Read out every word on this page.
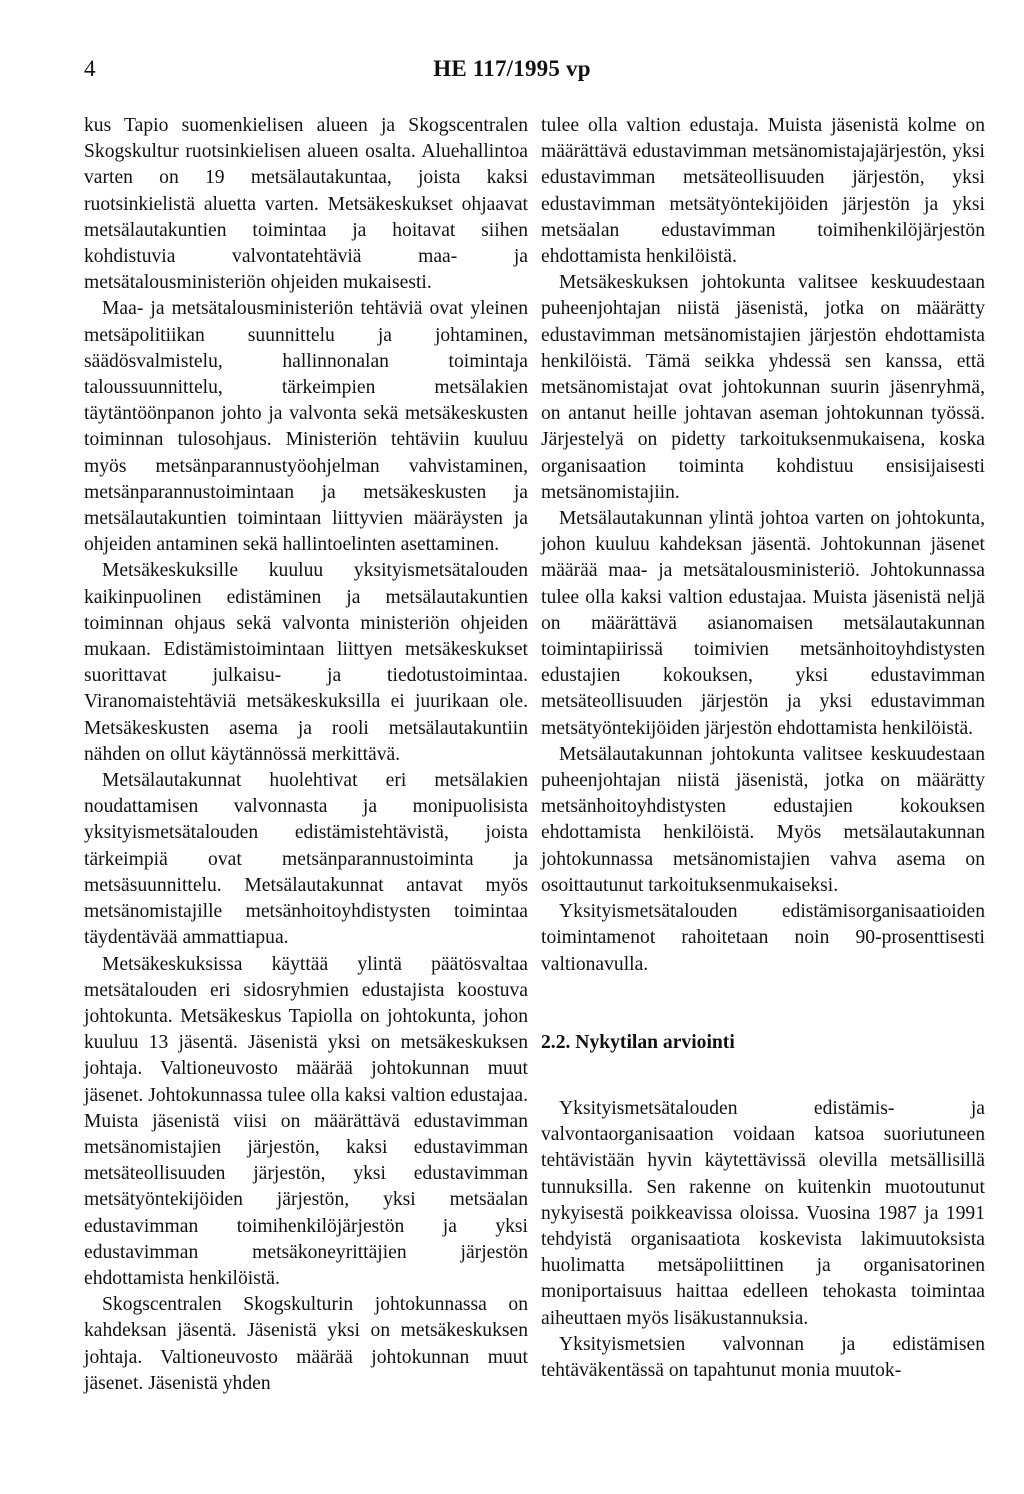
4	HE 117/1995 vp

kus Tapio suomenkielisen alueen ja Skogscentralen Skogskultur ruotsinkielisen alueen osalta. Aluehallintoa varten on 19 metsälautakuntaa, joista kaksi ruotsinkielistä aluetta varten. Metsäkeskukset ohjaavat metsälautakuntien toimintaa ja hoitavat siihen kohdistuvia valvontatehtäviä maa- ja metsätalousministeriön ohjeiden mukaisesti.

Maa- ja metsätalousministeriön tehtäviä ovat yleinen metsäpolitiikan suunnittelu ja johtaminen, säädösvalmistelu, hallinnonalan toimintaja taloussuunnittelu, tärkeimpien metsälakien täytäntöönpanon johto ja valvonta sekä metsäkeskusten toiminnan tulosohjaus. Ministeriön tehtäviin kuuluu myös metsänparannustyöohjelman vahvistaminen, metsänparannustoimintaan ja metsäkeskusten ja metsälautakuntien toimintaan liittyvien määräysten ja ohjeiden antaminen sekä hallintoelinten asettaminen.

Metsäkeskuksille kuuluu yksityismetsätalouden kaikinpuolinen edistäminen ja metsälautakuntien toiminnan ohjaus sekä valvonta ministeriön ohjeiden mukaan. Edistämistoimintaan liittyen metsäkeskukset suorittavat julkaisu- ja tiedotustoimintaa. Viranomaistehtäviä metsäkeskuksilla ei juurikaan ole. Metsäkeskusten asema ja rooli metsälautakuntiin nähden on ollut käytännössä merkittävä.

Metsälautakunnat huolehtivat eri metsälakien noudattamisen valvonnasta ja monipuolisista yksityismetsätalouden edistämistehtävistä, joista tärkeimpiä ovat metsänparannustoiminta ja metsäsuunnittelu. Metsälautakunnat antavat myös metsänomistajille metsänhoitoyhdistysten toimintaa täydentävää ammattiapua.

Metsäkeskuksissa käyttää ylintä päätösvaltaa metsätalouden eri sidosryhmien edustajista koostuva johtokunta. Metsäkeskus Tapiolla on johtokunta, johon kuuluu 13 jäsentä. Jäsenistä yksi on metsäkeskuksen johtaja. Valtioneuvosto määrää johtokunnan muut jäsenet. Johtokunnassa tulee olla kaksi valtion edustajaa. Muista jäsenistä viisi on määrättävä edustavimman metsänomistajien järjestön, kaksi edustavimman metsäteollisuuden järjestön, yksi edustavimman metsätyöntekijöiden järjestön, yksi metsäalan edustavimman toimihenkilöjärjestön ja yksi edustavimman metsäkoneyrittäjien järjestön ehdottamista henkilöistä.

Skogscentralen Skogskulturin johtokunnassa on kahdeksan jäsentä. Jäsenistä yksi on metsäkeskuksen johtaja. Valtioneuvosto määrää johtokunnan muut jäsenet. Jäsenistä yhden

tulee olla valtion edustaja. Muista jäsenistä kolme on määrättävä edustavimman metsänomistajajärjestön, yksi edustavimman metsäteollisuuden järjestön, yksi edustavimman metsätyöntekijöiden järjestön ja yksi metsäalan edustavimman toimihenkilöjärjestön ehdottamista henkilöistä.

Metsäkeskuksen johtokunta valitsee keskuudestaan puheenjohtajan niistä jäsenistä, jotka on määrätty edustavimman metsänomistajien järjestön ehdottamista henkilöistä. Tämä seikka yhdessä sen kanssa, että metsänomistajat ovat johtokunnan suurin jäsenryhmä, on antanut heille johtavan aseman johtokunnan työssä. Järjestelyä on pidetty tarkoituksenmukaisena, koska organisaation toiminta kohdistuu ensisijaisesti metsänomistajiin.

Metsälautakunnan ylintä johtoa varten on johtokunta, johon kuuluu kahdeksan jäsentä. Johtokunnan jäsenet määrää maa- ja metsätalousministeriö. Johtokunnassa tulee olla kaksi valtion edustajaa. Muista jäsenistä neljä on määrättävä asianomaisen metsälautakunnan toimintapiirissä toimivien metsänhoitoyhdistysten edustajien kokouksen, yksi edustavimman metsäteollisuuden järjestön ja yksi edustavimman metsätyöntekijöiden järjestön ehdottamista henkilöistä.

Metsälautakunnan johtokunta valitsee keskuudestaan puheenjohtajan niistä jäsenistä, jotka on määrätty metsänhoitoyhdistysten edustajien kokouksen ehdottamista henkilöistä. Myös metsälautakunnan johtokunnassa metsänomistajien vahva asema on osoittautunut tarkoituksenmukaiseksi.

Yksityismetsätalouden edistämisorganisaatioiden toimintamenot rahoitetaan noin 90-prosenttisesti valtionavulla.

2.2. Nykytilan arviointi

Yksityismetsätalouden edistämis- ja valvontaorganisaation voidaan katsoa suoriutuneen tehtävistään hyvin käytettävissä olevilla metsällisillä tunnuksilla. Sen rakenne on kuitenkin muotoutunut nykyisestä poikkeavissa oloissa. Vuosina 1987 ja 1991 tehdyistä organisaatiota koskevista lakimuutoksista huolimatta metsäpoliittinen ja organisatorinen moniportaisuus haittaa edelleen tehokasta toimintaa aiheuttaen myös lisäkustannuksia.

Yksityismetsien valvonnan ja edistämisen tehtäväkentässä on tapahtunut monia muutok-
